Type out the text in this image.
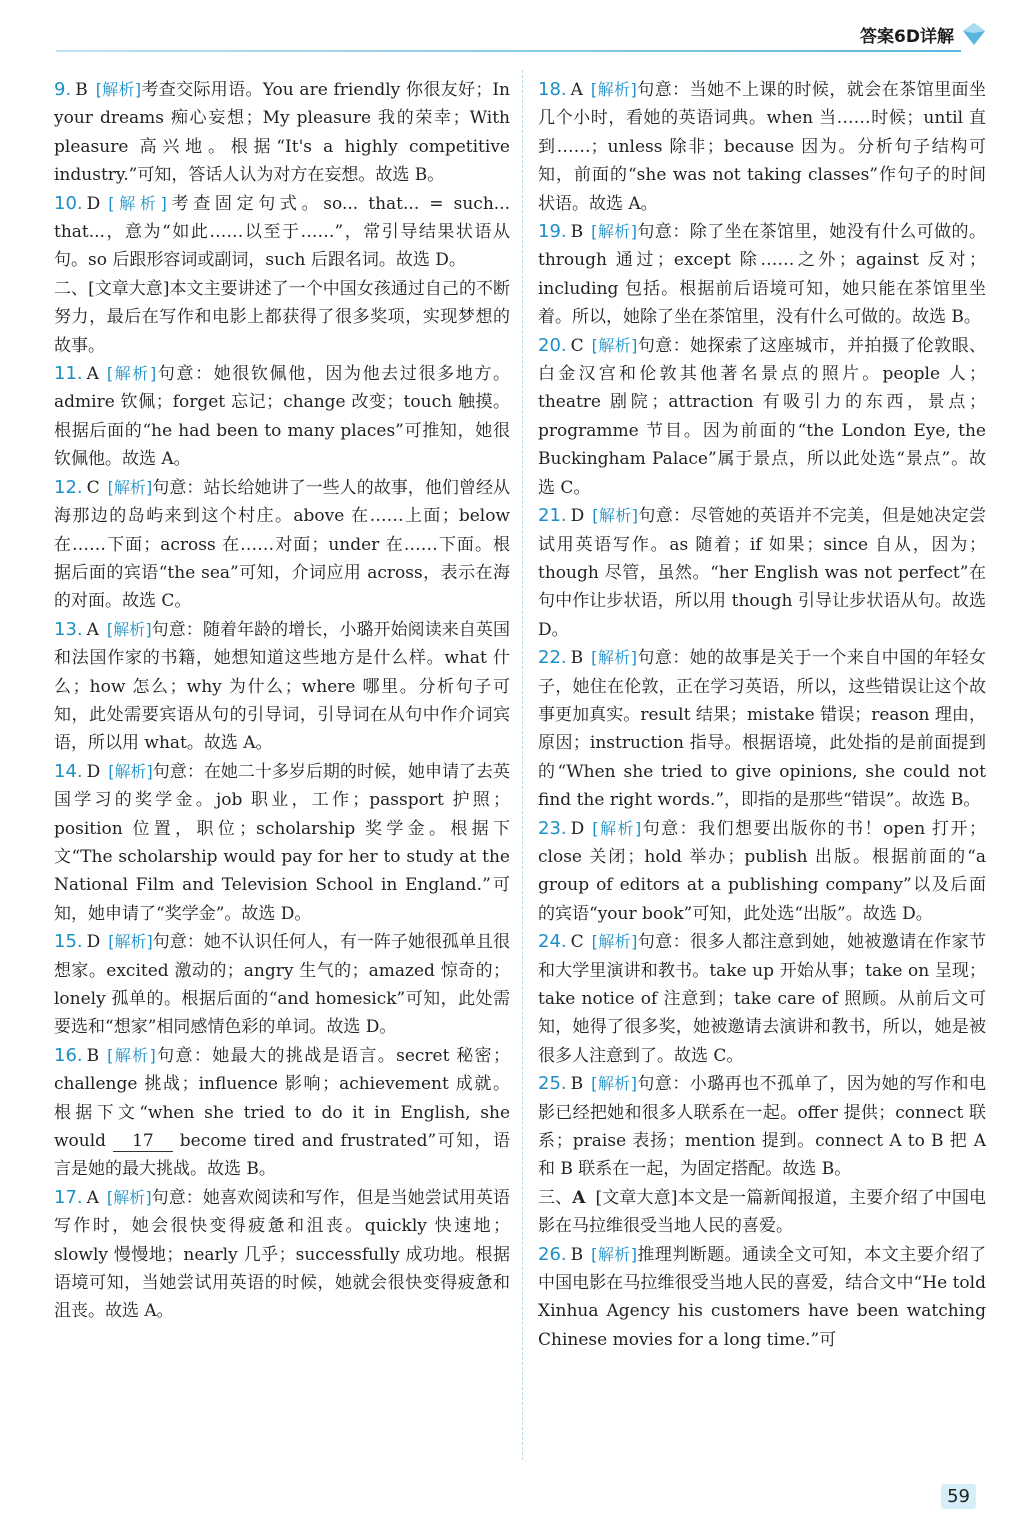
答案6D详解
9. B [解析]考查交际用语。You are friendly 你很友好；In your dreams 痴心妄想；My pleasure 我的荣幸；With pleasure 高兴地。根据“It's a highly competitive industry.”可知，答话人认为对方在妄想。故选 B。
10. D [解析]考查固定句式。so... that... = such... that...，意为“如此……以至于……”，常引导结果状语从句。so 后跟形容词或副词，such 后跟名词。故选 D。
二、[文章大意]本文主要讲述了一个中国女孩通过自己的不断努力，最后在写作和电影上都获得了很多奖项，实现梦想的故事。
11. A [解析]句意：她很钦佩他，因为他去过很多地方。admire 钦佩；forget 忘记；change 改变；touch 触摸。根据后面的“he had been to many places”可推知，她很钦佩他。故选 A。
12. C [解析]句意：站长给她讲了一些人的故事，他们曾经从海那边的岛屿来到这个村庄。above 在……上面；below 在……下面；across 在……对面；under 在……下面。根据后面的宾语“the sea”可知，介词应用 across，表示在海的对面。故选 C。
13. A [解析]句意：随着年龄的增长，小璐开始阅读来自英国和法国作家的书籍，她想知道这些地方是什么样。what 什么；how 怎么；why 为什么；where 哪里。分析句子可知，此处需要宾语从句的引导词，引导词在从句中作介词宾语，所以用 what。故选 A。
14. D [解析]句意：在她二十多岁后期的时候，她申请了去英国学习的奖学金。job 职业，工作；passport 护照；position 位置，职位；scholarship 奖学金。根据下文“The scholarship would pay for her to study at the National Film and Television School in England.”可知，她申请了“奖学金”。故选 D。
15. D [解析]句意：她不认识任何人，有一阵子她很孤单且很想家。excited 激动的；angry 生气的；amazed 惊奇的；lonely 孤单的。根据后面的“and homesick”可知，此处需要选和“想家”相同感情色彩的单词。故选 D。
16. B [解析]句意：她最大的挑战是语言。secret 秘密；challenge 挑战；influence 影响；achievement 成就。根据下文“when she tried to do it in English, she would 17 become tired and frustrated”可知，语言是她的最大挑战。故选 B。
17. A [解析]句意：她喜欢阅读和写作，但是当她尝试用英语写作时，她会很快变得疲惫和沮丧。quickly 快速地；slowly 慢慢地；nearly 几乎；successfully 成功地。根据语境可知，当她尝试用英语的时候，她就会很快变得疲惫和沮丧。故选 A。
18. A [解析]句意：当她不上课的时候，就会在茶馆里面坐几个小时，看她的英语词典。when 当……时候；until 直到……；unless 除非；because 因为。分析句子结构可知，前面的“she was not taking classes”作句子的时间状语。故选 A。
19. B [解析]句意：除了坐在茶馆里，她没有什么可做的。through 通过；except 除……之外；against 反对；including 包括。根据前后语境可知，她只能在茶馆里坐着。所以，她除了坐在茶馆里，没有什么可做的。故选 B。
20. C [解析]句意：她探索了这座城市，并拍摄了伦敦眼、白金汉宫和伦敦其他著名景点的照片。people 人；theatre 剧院；attraction 有吸引力的东西，景点；programme 节目。因为前面的“the London Eye, the Buckingham Palace”属于景点，所以此处选“景点”。故选 C。
21. D [解析]句意：尽管她的英语并不完美，但是她决定尝试用英语写作。as 随着；if 如果；since 自从，因为；though 尽管，虽然。“her English was not perfect”在句中作让步状语，所以用 though 引导让步状语从句。故选 D。
22. B [解析]句意：她的故事是关于一个来自中国的年轻女子，她住在伦敦，正在学习英语，所以，这些错误让这个故事更加真实。result 结果；mistake 错误；reason 理由，原因；instruction 指导。根据语境，此处指的是前面提到的“When she tried to give opinions, she could not find the right words.”，即指的是那些“错误”。故选 B。
23. D [解析]句意：我们想要出版你的书！open 打开；close 关闭；hold 举办；publish 出版。根据前面的“a group of editors at a publishing company”以及后面的宾语“your book”可知，此处选“出版”。故选 D。
24. C [解析]句意：很多人都注意到她，她被邀请在作家节和大学里演讲和教书。take up 开始从事；take on 呈现；take notice of 注意到；take care of 照顾。从前后文可知，她得了很多奖，她被邀请去演讲和教书，所以，她是被很多人注意到了。故选 C。
25. B [解析]句意：小璐再也不孤单了，因为她的写作和电影已经把她和很多人联系在一起。offer 提供；connect 联系；praise 表扬；mention 提到。connect A to B 把 A 和 B 联系在一起，为固定搭配。故选 B。
三、A [文章大意]本文是一篇新闻报道，主要介绍了中国电影在马拉维很受当地人民的喜爱。
26. B [解析]推理判断题。通读全文可知，本文主要介绍了中国电影在马拉维很受当地人民的喜爱，结合文中“He told Xinhua Agency his customers have been watching Chinese movies for a long time.”可
59
